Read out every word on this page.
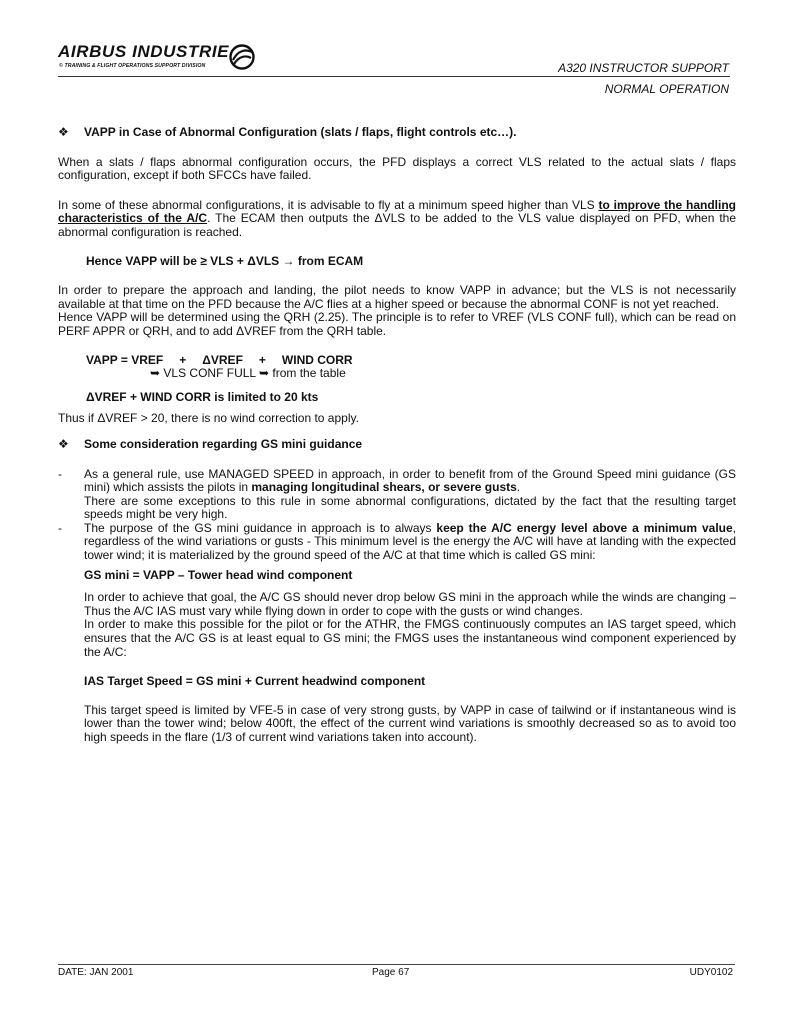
AIRBUS INDUSTRIE
© TRAINING & FLIGHT OPERATIONS SUPPORT DIVISION	A320 INSTRUCTOR SUPPORT
NORMAL OPERATION
❖	VAPP in Case of Abnormal Configuration (slats / flaps, flight controls etc…).

When a slats / flaps abnormal configuration occurs, the PFD displays a correct VLS related to the actual slats / flaps configuration, except if both SFCCs have failed.

In some of these abnormal configurations, it is advisable to fly at a minimum speed higher than VLS to improve the handling characteristics of the A/C. The ECAM then outputs the ΔVLS to be added to the VLS value displayed on PFD, when the abnormal configuration is reached.

Hence VAPP will be ≥ VLS + ΔVLS → from ECAM

In order to prepare the approach and landing, the pilot needs to know VAPP in advance; but the VLS is not necessarily available at that time on the PFD because the A/C flies at a higher speed or because the abnormal CONF is not yet reached.

Hence VAPP will be determined using the QRH (2.25). The principle is to refer to VREF (VLS CONF full), which can be read on PERF APPR or QRH, and to add ΔVREF from the QRH table.

VAPP = VREF + ΔVREF + WIND CORR
➥ VLS CONF FULL ➥ from the table
ΔVREF + WIND CORR is limited to 20 kts

Thus if ΔVREF > 20, there is no wind correction to apply.

❖	Some consideration regarding GS mini guidance
-	As a general rule, use MANAGED SPEED in approach, in order to benefit from of the Ground Speed mini guidance (GS mini) which assists the pilots in managing longitudinal shears, or severe gusts.

There are some exceptions to this rule in some abnormal configurations, dictated by the fact that the resulting target speeds might be very high.

-	The purpose of the GS mini guidance in approach is to always keep the A/C energy level above a minimum value, regardless of the wind variations or gusts - This minimum level is the energy the A/C will have at landing with the expected tower wind; it is materialized by the ground speed of the A/C at that time which is called GS mini:

GS mini = VAPP – Tower head wind component

In order to achieve that goal, the A/C GS should never drop below GS mini in the approach while the winds are changing – Thus the A/C IAS must vary while flying down in order to cope with the gusts or wind changes.

In order to make this possible for the pilot or for the ATHR, the FMGS continuously computes an IAS target speed, which ensures that the A/C GS is at least equal to GS mini; the FMGS uses the instantaneous wind component experienced by the A/C:

IAS Target Speed = GS mini + Current headwind component

This target speed is limited by VFE-5 in case of very strong gusts, by VAPP in case of tailwind or if instantaneous wind is lower than the tower wind; below 400ft, the effect of the current wind variations is smoothly decreased so as to avoid too high speeds in the flare (1/3 of current wind variations taken into account).

DATE: JAN 2001	Page 67	UDY0102
